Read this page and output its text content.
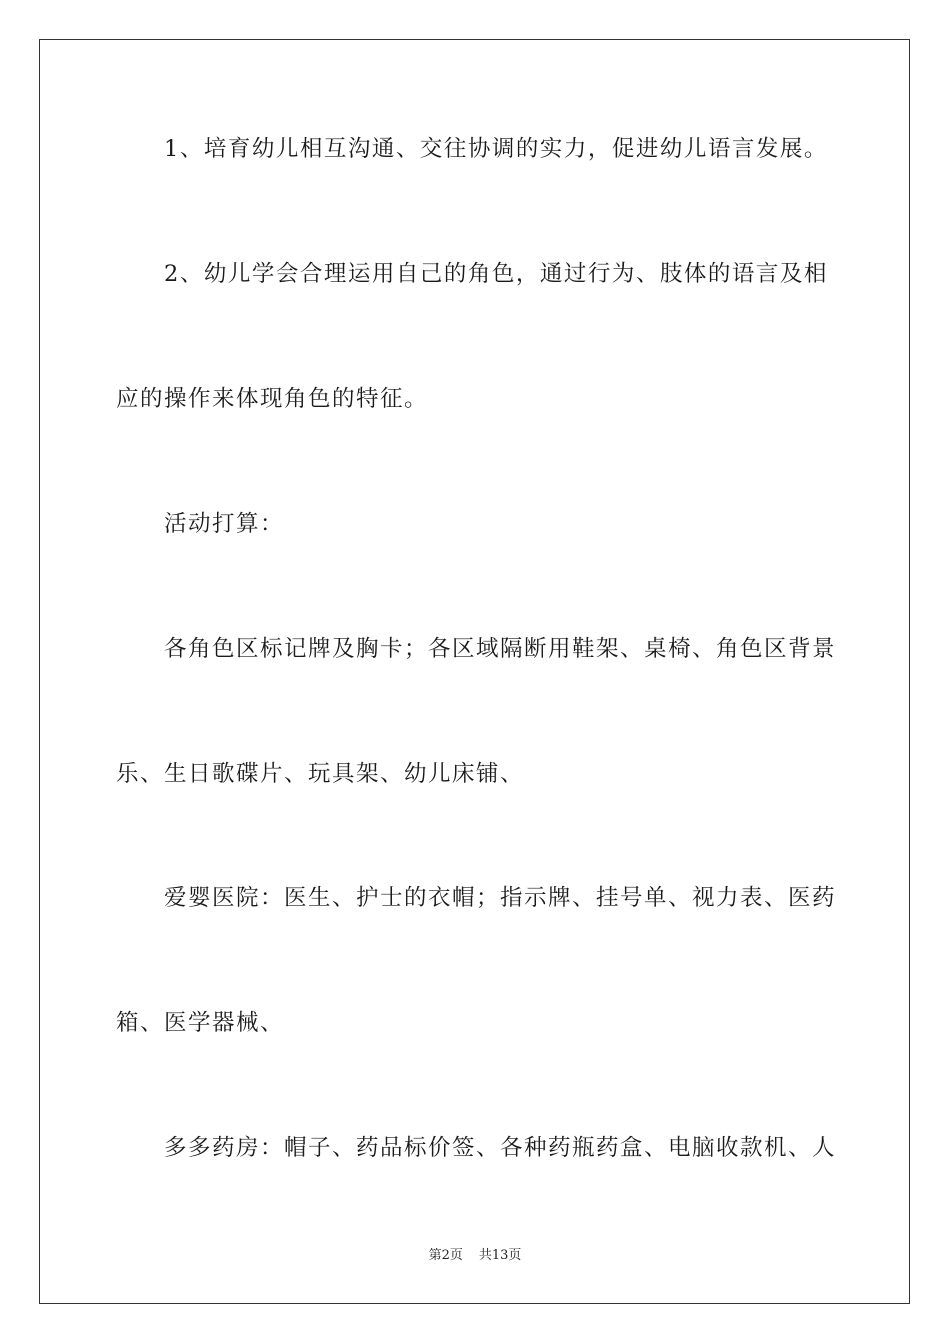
1、培育幼儿相互沟通、交往协调的实力，促进幼儿语言发展。
2、幼儿学会合理运用自己的角色，通过行为、肢体的语言及相
应的操作来体现角色的特征。
活动打算：
各角色区标记牌及胸卡；各区域隔断用鞋架、桌椅、角色区背景
乐、生日歌碟片、玩具架、幼儿床铺、
爱婴医院：医生、护士的衣帽；指示牌、挂号单、视力表、医药
箱、医学器械、
多多药房：帽子、药品标价签、各种药瓶药盒、电脑收款机、人
第2页 共13页
